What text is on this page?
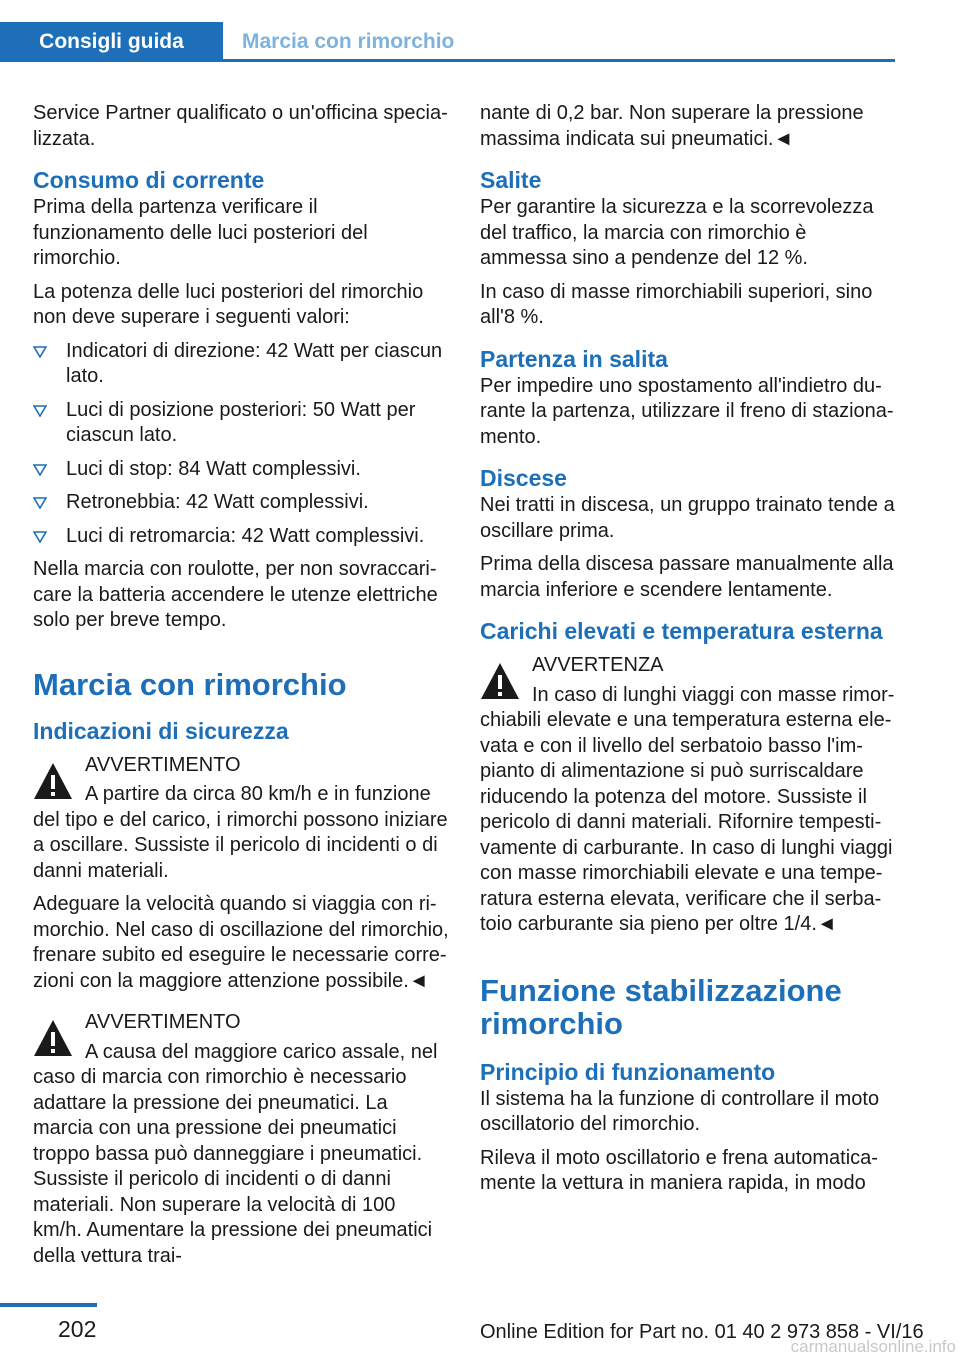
Consigli guida	Marcia con rimorchio

Service Partner qualificato o un'officina specia-lizzata.

Consumo di corrente

Prima della partenza verificare il funzionamento delle luci posteriori del rimorchio.

La potenza delle luci posteriori del rimorchio non deve superare i seguenti valori:

Indicatori di direzione: 42 Watt per ciascun lato.
Luci di posizione posteriori: 50 Watt per ciascun lato.
Luci di stop: 84 Watt complessivi.
Retronebbia: 42 Watt complessivi.
Luci di retromarcia: 42 Watt complessivi.

Nella marcia con roulotte, per non sovraccari-care la batteria accendere le utenze elettriche solo per breve tempo.

Marcia con rimorchio
Indicazioni di sicurezza

AVVERTIMENTO

A partire da circa 80 km/h e in funzione del tipo e del carico, i rimorchi possono iniziare a oscillare. Sussiste il pericolo di incidenti o di danni materiali.

Adeguare la velocità quando si viaggia con ri-morchio. Nel caso di oscillazione del rimorchio, frenare subito ed eseguire le necessarie corre-zioni con la maggiore attenzione possibile.◄

AVVERTIMENTO

A causa del maggiore carico assale, nel caso di marcia con rimorchio è necessario adattare la pressione dei pneumatici. La marcia con una pressione dei pneumatici troppo bassa può danneggiare i pneumatici. Sussiste il pericolo di incidenti o di danni materiali. Non superare la velocità di 100 km/h. Aumentare la pressione dei pneumatici della vettura trai-

nante di 0,2 bar. Non superare la pressione massima indicata sui pneumatici.◄

Salite

Per garantire la sicurezza e la scorrevolezza del traffico, la marcia con rimorchio è ammessa sino a pendenze del 12 %.

In caso di masse rimorchiabili superiori, sino all'8 %.

Partenza in salita

Per impedire uno spostamento all'indietro du-rante la partenza, utilizzare il freno di staziona-mento.

Discese

Nei tratti in discesa, un gruppo trainato tende a oscillare prima.

Prima della discesa passare manualmente alla marcia inferiore e scendere lentamente.

Carichi elevati e temperatura esterna

AVVERTENZA

In caso di lunghi viaggi con masse rimor-chiabili elevate e una temperatura esterna ele-vata e con il livello del serbatoio basso l'im-pianto di alimentazione si può surriscaldare riducendo la potenza del motore. Sussiste il pericolo di danni materiali. Rifornire tempesti-vamente di carburante. In caso di lunghi viaggi con masse rimorchiabili elevate e una tempe-ratura esterna elevata, verificare che il serba-toio carburante sia pieno per oltre 1/4.◄

Funzione stabilizzazione rimorchio
Principio di funzionamento

Il sistema ha la funzione di controllare il moto oscillatorio del rimorchio.

Rileva il moto oscillatorio e frena automatica-mente la vettura in maniera rapida, in modo

202	Online Edition for Part no. 01 40 2 973 858 - VI/16
carmanualsonline.info
